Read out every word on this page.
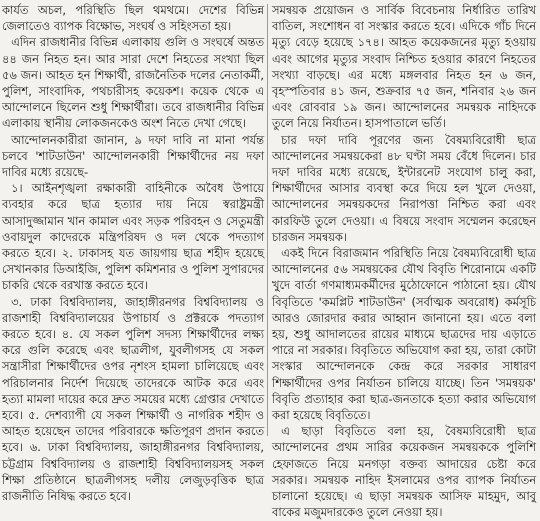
কার্যত অচল, পরিস্থিতি ছিল থমথমে। দেশের বিভিন্ন জেলাতেও ব্যাপক বিক্ষোভ, সংঘর্ষ ও সহিংসতা হয়।

এদিন রাজধানীর বিভিন্ন এলাকায় গুলি ও সংঘর্ষে অন্তত ৪৪ জন নিহত হন। আর সারা দেশে নিহতের সংখ্যা ছিল ৫৬ জন। আহত হন শিক্ষার্থী, রাজনৈতিক দলের নেতাকর্মী, পুলিশ, সাংবাদিক, পথচারীসহ কয়েকশ। কয়েক থেকে এ আন্দোলনে ছিলেন শুধু শিক্ষার্থীরা। তবে রাজধানীর বিভিন্ন এলাকায় স্থানীয় লোকজনকেও অংশ নিতে দেখা গেছে।

আন্দোলনকারীরা জানান, ৯ দফা দাবি না মানা পর্যন্ত চলবে 'শাটডাউন' আন্দোলনকারী শিক্ষার্থীদের নয় দফা দাবির মধ্যে রয়েছে-

১। আইনশৃঙ্খলা রক্ষাকারী বাহিনীকে অবৈধ উপায়ে ব্যবহার করে ছাত্র হত্যার দায় নিয়ে স্বরাষ্ট্রমন্ত্রী আসাদুজ্জামান খান কামাল এবং সড়ক পরিবহন ও সেতুমন্ত্রী ওবায়দুল কাদেরকে মন্ত্রিপরিষদ ও দল থেকে পদত্যাগ করতে হবে। ২. ঢাকাসহ যত জায়গায় ছাত্র শহীদ হয়েছে সেখানকার ডিআইজি, পুলিশ কমিশনার ও পুলিশ সুপারদের চাকরি থেকে বরখাস্ত করতে হবে।

৩. ঢাকা বিশ্ববিদ্যালয়, জাহাঙ্গীরনগর বিশ্ববিদ্যালয় ও রাজশাহী বিশ্ববিদ্যালয়ের উপাচার্য ও প্রক্টরকে পদত্যাগ করতে হবে। ৪. যে সকল পুলিশ সদস্য শিক্ষার্থীদের লক্ষ্য করে গুলি করেছে এবং ছাত্রলীগ, যুবলীগসহ যে সকল সন্ত্রাসীরা শিক্ষার্থীদের ওপর নৃশংস হামলা চালিয়েছে এবং পরিচালনার নির্দেশ দিয়েছে তাদেরকে আটক করে এবং হত্যা মামলা দায়ের করে দ্রুত সময়ের মধ্যে গ্রেপ্তার দেখাতে হবে। ৫. দেশব্যাপী যে সকল শিক্ষার্থী ও নাগরিক শহীদ ও আহত হয়েছেন তাদের পরিবারকে ক্ষতিপূরণ প্রদান করতে হবে। ৬. ঢাকা বিশ্ববিদ্যালয়, জাহাঙ্গীরনগর বিশ্ববিদ্যালয়, চট্টগ্রাম বিশ্ববিদ্যালয় ও রাজশাহী বিশ্ববিদ্যালয়সহ সকল শিক্ষা প্রতিষ্ঠানে ছাত্রলীগসহ দলীয় লেজুড়বৃত্তিক ছাত্র রাজনীতি নিষিদ্ধ করতে হবে।

সমন্বয়ক প্রয়োজন ও সার্বিক বিবেচনায় নির্ধারিত তারিখ বাতিল, সংশোধন বা সংস্কার করতে হবে। এদিকে গাঁচ দিনে মৃত্যু বেড়ে হয়েছে ১৭৪। আহত কয়েকজনের মৃত্যু হওয়ায় এবং আগের মৃত্যুর সংবাদ নিশ্চিত হওয়ার কারণে নিহতের সংখ্যা বাড়ছে। এর মধ্যে মঙ্গলবার নিহত হন ৬ জন, বৃহস্পতিবার ৪১ জন, শুক্রবার ৭৫ জন, শনিবার ২৬ জন এবং রোববার ১৯ জন। আন্দোলনের সমন্বয়ক নাহিদকে তুলে নিয়ে নির্যাতন। হাসপাতালে ভর্তি।

চার দফা দাবি পূরণের জন্য বৈষম্যবিরোধী ছাত্র আন্দোলনের সমন্বয়কেরা ৪৮ ঘণ্টা সময় বেঁধে দিলেন। চার দফা দাবির মধ্যে রয়েছে, ইন্টারনেট সংযোগ চালু করা, শিক্ষার্থীদের আসার ব্যবস্থা করে দিয়ে হল খুলে দেওয়া, আন্দোলনের সমন্বয়কদের নিরাপত্তা নিশ্চিত করা এবং কারফিউ তুলে দেওয়া। এ বিষয়ে সংবাদ সম্মেলন করেছেন চারজন সমন্বয়ক।

একই দিনে বিরাজমান পরিস্থিতি নিয়ে বৈষম্যবিরোধী ছাত্র আন্দোলনের ৫৬ সমন্বয়কের যৌথ বিবৃতি শিরোনামে একটি খুদে বার্তা গণমাধ্যমকর্মীদের মুঠোফোনে পাঠানো হয়। যৌথ বিবৃতিতে 'কমপ্লিট শাটডাউন' (সর্বাত্মক অবরোধ) কর্মসূচি আরও জোরদার করার আহ্বান জানানো হয়। এতে বলা হয়, শুধু আদালতের রায়ের মাধ্যমে ছাত্রদের দায় এড়াতে পারে না সরকার। বিবৃতিতে অভিযোগ করা হয়, তারা কোটা সংস্কার আন্দোলনকে কেন্দ্র করে সরকার সাধারণ শিক্ষার্থীদের ওপর নির্যাতন চালিয়ে যাচ্ছে। তিন 'সমন্বয়ক' বিবৃতি প্রত্যাহার করা ছাত্র-জনতাকে হত্যা করার অভিযোগ করা হয়েছে বিবৃতিতে।

এ ছাড়া বিবৃতিতে বলা হয়, বৈষম্যবিরোধী ছাত্র আন্দোলনের প্রথম সারির কয়েকজন সমন্বয়ককে পুলিশি হেফাজতে নিয়ে মনগড়া বক্তব্য আদায়ের চেষ্টা করে সরকার। সমন্বয়ক নাহিদ ইসলামের ওপর ব্যাপক নির্যাতন চালানো হয়েছে। এ ছাড়া সমন্বয়ক আসিফ মাহমুদ, আবু বাকের মজুমদারকেও তুলে নেওয়া হয়।
